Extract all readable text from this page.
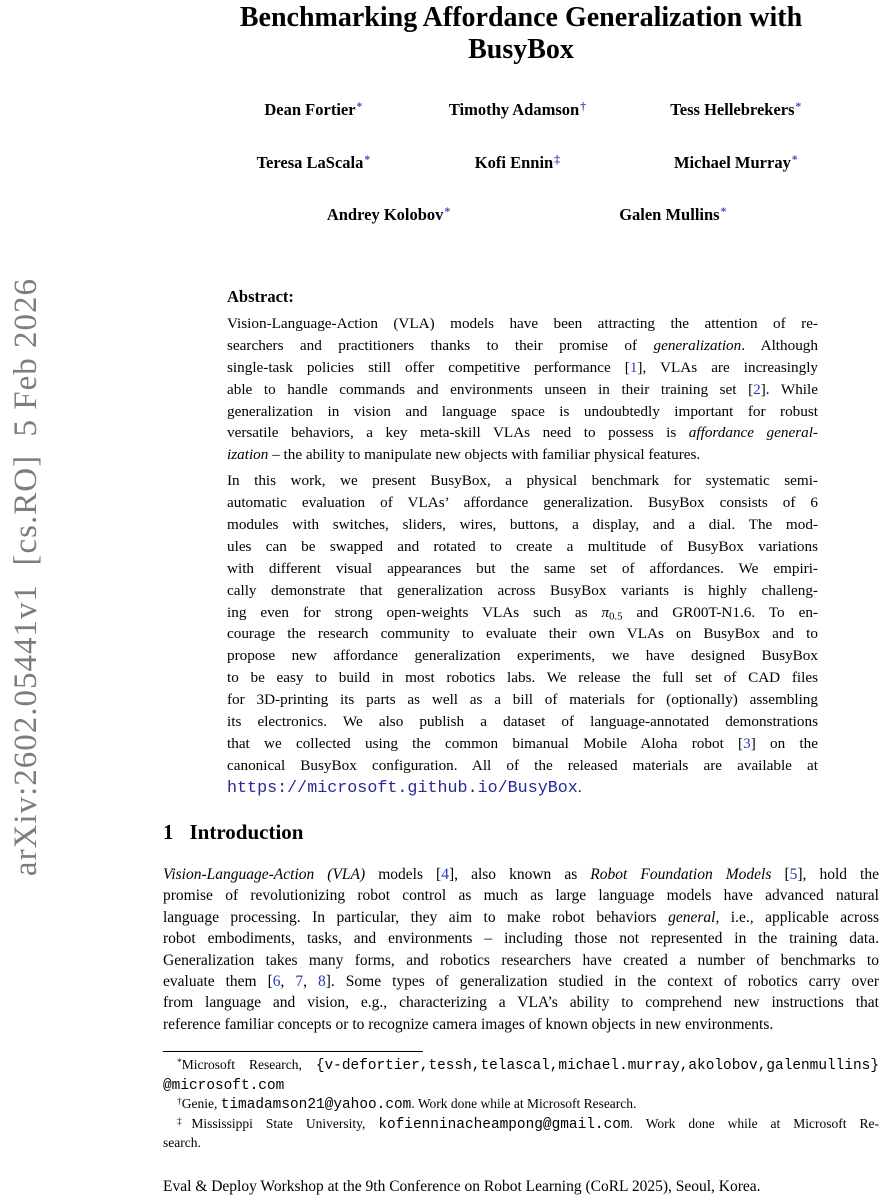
arXiv:2602.05441v1  [cs.RO]  5 Feb 2026
Benchmarking Affordance Generalization with
BusyBox
Dean Fortier*	Timothy Adamson†	Tess Hellebrekers*
Teresa LaScala*	Kofi Ennin‡	Michael Murray*
Andrey Kolobov*	Galen Mullins*
Abstract:
Vision-Language-Action (VLA) models have been attracting the attention of re-
searchers and practitioners thanks to their promise of generalization. Although
single-task policies still offer competitive performance [1], VLAs are increasingly
able to handle commands and environments unseen in their training set [2]. While
generalization in vision and language space is undoubtedly important for robust
versatile behaviors, a key meta-skill VLAs need to possess is affordance general-
ization – the ability to manipulate new objects with familiar physical features.
In this work, we present BusyBox, a physical benchmark for systematic semi-
automatic evaluation of VLAs’ affordance generalization. BusyBox consists of 6
modules with switches, sliders, wires, buttons, a display, and a dial. The mod-
ules can be swapped and rotated to create a multitude of BusyBox variations
with different visual appearances but the same set of affordances. We empiri-
cally demonstrate that generalization across BusyBox variants is highly challeng-
ing even for strong open-weights VLAs such as π0.5 and GR00T-N1.6. To en-
courage the research community to evaluate their own VLAs on BusyBox and to
propose new affordance generalization experiments, we have designed BusyBox
to be easy to build in most robotics labs. We release the full set of CAD files
for 3D-printing its parts as well as a bill of materials for (optionally) assembling
its electronics. We also publish a dataset of language-annotated demonstrations
that we collected using the common bimanual Mobile Aloha robot [3] on the
canonical BusyBox configuration. All of the released materials are available at
https://microsoft.github.io/BusyBox.
1 Introduction
Vision-Language-Action (VLA) models [4], also known as Robot Foundation Models [5], hold the
promise of revolutionizing robot control as much as large language models have advanced natural
language processing. In particular, they aim to make robot behaviors general, i.e., applicable across
robot embodiments, tasks, and environments – including those not represented in the training data.
Generalization takes many forms, and robotics researchers have created a number of benchmarks to
evaluate them [6, 7, 8]. Some types of generalization studied in the context of robotics carry over
from language and vision, e.g., characterizing a VLA’s ability to comprehend new instructions that
reference familiar concepts or to recognize camera images of known objects in new environments.
*Microsoft Research, {v-defortier,tessh,telascal,michael.murray,akolobov,galenmullins}
@microsoft.com
†Genie, timadamson21@yahoo.com. Work done while at Microsoft Research.
‡Mississippi State University, kofienninacheampong@gmail.com. Work done while at Microsoft Re-
search.
Eval & Deploy Workshop at the 9th Conference on Robot Learning (CoRL 2025), Seoul, Korea.
